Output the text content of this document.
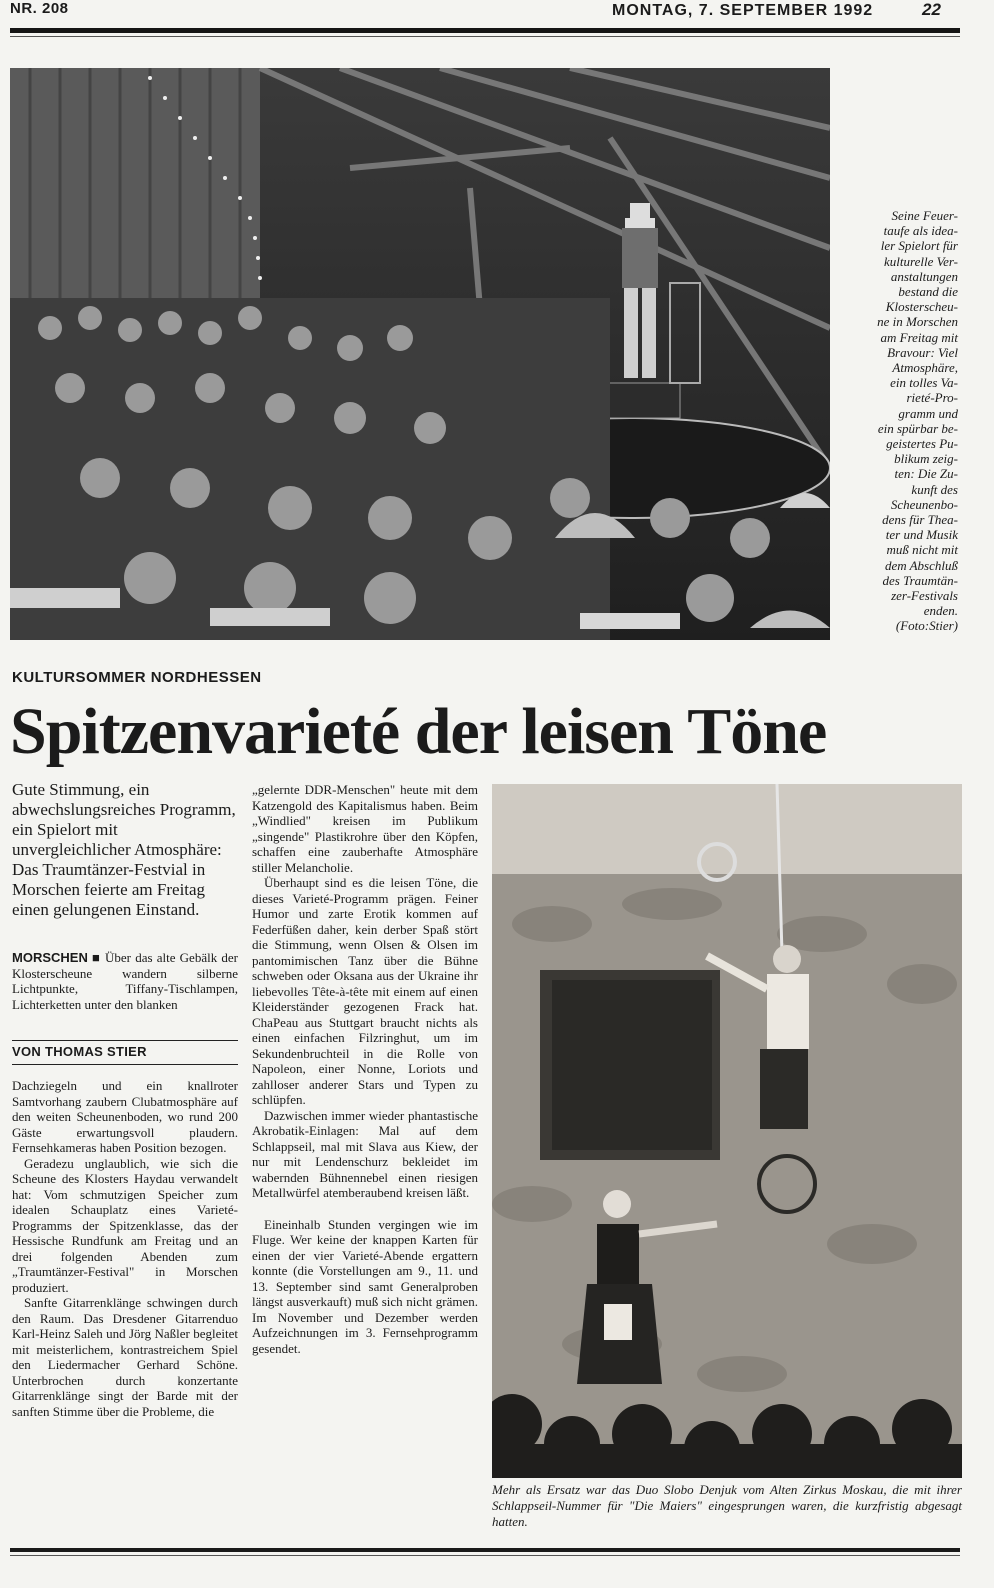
NR. 208	MONTAG, 7. SEPTEMBER 1992	22
Seine Feuer-
taufe als idea-
ler Spielort für
kulturelle Ver-
anstaltungen
bestand die
Klosterscheu-
ne in Morschen
am Freitag mit
Bravour: Viel
Atmosphäre,
ein tolles Va-
rieté-Pro-
gramm und
ein spürbar be-
geistertes Pu-
blikum zeig-
ten: Die Zu-
kunft des
Scheunenbo-
dens für Thea-
ter und Musik
muß nicht mit
dem Abschluß
des Traumtän-
zer-Festivals
enden.
(Foto:Stier)
KULTURSOMMER NORDHESSEN
Spitzenvarieté der leisen Töne
Gute Stimmung, ein abwechslungsreiches Programm, ein Spielort mit unvergleichlicher Atmosphäre: Das Traumtänzer-Festvial in Morschen feierte am Freitag einen gelungenen Einstand.

MORSCHEN ■ Über das alte Gebälk der Klosterscheune wandern silberne Lichtpunkte, Tiffany-Tischlampen, Lichterketten unter den blanken

VON THOMAS STIER

Dachziegeln und ein knallroter Samtvorhang zaubern Clubatmosphäre auf den weiten Scheunenboden, wo rund 200 Gäste erwartungsvoll plaudern. Fernsehkameras haben Position bezogen.

Geradezu unglaublich, wie sich die Scheune des Klosters Haydau verwandelt hat: Vom schmutzigen Speicher zum idealen Schauplatz eines Varieté-Programms der Spitzenklasse, das der Hessische Rundfunk am Freitag und an drei folgenden Abenden zum „Traumtänzer-Festival" in Morschen produziert.

Sanfte Gitarrenklänge schwingen durch den Raum. Das Dresdener Gitarrenduo Karl-Heinz Saleh und Jörg Naßler begleitet mit meisterlichem, kontrastreichem Spiel den Liedermacher Gerhard Schöne. Unterbrochen durch konzertante Gitarrenklänge singt der Barde mit der sanften Stimme über die Probleme, die

„gelernte DDR-Menschen" heute mit dem Katzengold des Kapitalismus haben. Beim „Windlied" kreisen im Publikum „singende" Plastikrohre über den Köpfen, schaffen eine zauberhafte Atmosphäre stiller Melancholie.

Überhaupt sind es die leisen Töne, die dieses Varieté-Programm prägen. Feiner Humor und zarte Erotik kommen auf Federfüßen daher, kein derber Spaß stört die Stimmung, wenn Olsen & Olsen im pantomimischen Tanz über die Bühne schweben oder Oksana aus der Ukraine ihr liebevolles Tête-à-tête mit einem auf einen Kleiderständer gezogenen Frack hat. ChaPeau aus Stuttgart braucht nichts als einen einfachen Filzringhut, um im Sekundenbruchteil in die Rolle von Napoleon, einer Nonne, Loriots und zahlloser anderer Stars und Typen zu schlüpfen.

Dazwischen immer wieder phantastische Akrobatik-Einlagen: Mal auf dem Schlappseil, mal mit Slava aus Kiew, der nur mit Lendenschurz bekleidet im wabernden Bühnennebel einen riesigen Metallwürfel atemberaubend kreisen läßt.

Eineinhalb Stunden vergingen wie im Fluge. Wer keine der knappen Karten für einen der vier Varieté-Abende ergattern konnte (die Vorstellungen am 9., 11. und 13. September sind samt Generalproben längst ausverkauft) muß sich nicht grämen. Im November und Dezember werden Aufzeichnungen im 3. Fernsehprogramm gesendet.

Mehr als Ersatz war das Duo Slobo Denjuk vom Alten Zirkus Moskau, die mit ihrer Schlappseil-Nummer für "Die Maiers" eingesprungen waren, die kurzfristig abgesagt hatten.
